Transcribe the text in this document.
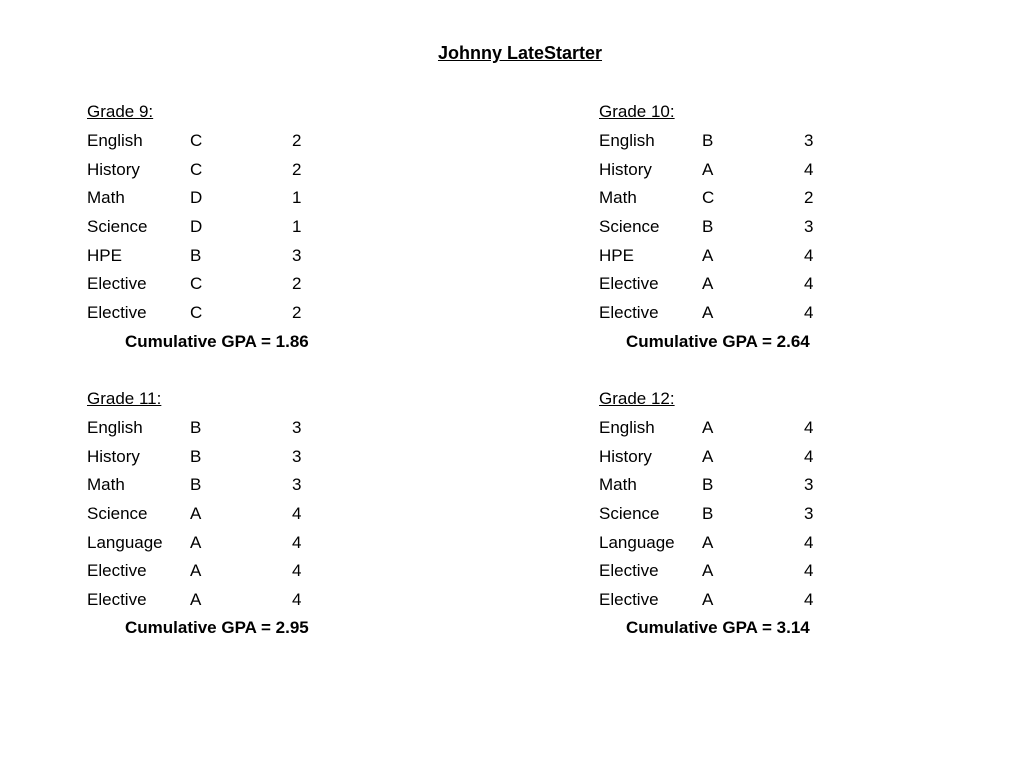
Johnny LateStarter
Grade 9:
English	C	2
History	C	2
Math	D	1
Science	D	1
HPE	B	3
Elective	C	2
Elective	C	2
Cumulative GPA = 1.86
Grade 10:
English	B	3
History	A	4
Math	C	2
Science	B	3
HPE	A	4
Elective	A	4
Elective	A	4
Cumulative GPA = 2.64
Grade 11:
English	B	3
History	B	3
Math	B	3
Science	A	4
Language A	4
Elective	A	4
Elective	A	4
Cumulative GPA = 2.95
Grade 12:
English	A	4
History	A	4
Math	B	3
Science	B	3
Language A	4
Elective	A	4
Elective	A	4
Cumulative GPA = 3.14
